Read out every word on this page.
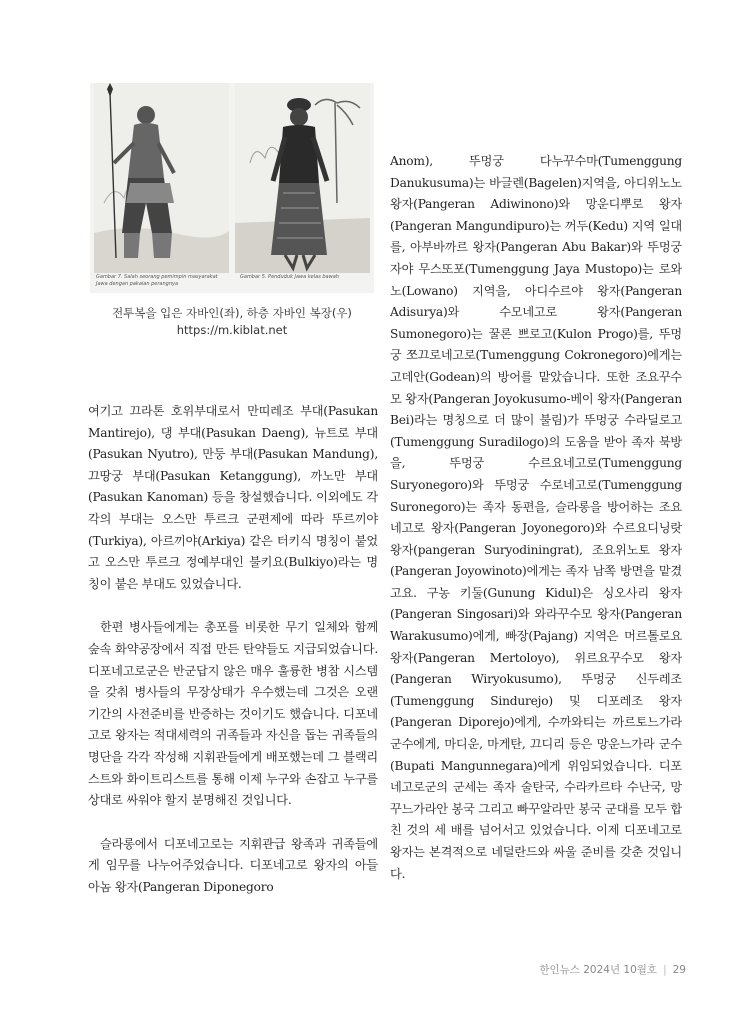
Gambar 7. Salah seorang pemimpin masyarakat Jawa dengan pakaian perangnya
Gambar 5. Penduduk Jawa kelas bawah
전투복을 입은 자바인(좌), 하층 자바인 복장(우)
https://m.kiblat.net

여기고 끄라톤 호위부대로서 만띠레조 부대(Pasukan Mantirejo), 댕 부대(Pasukan Daeng), 뉴트로 부대(Pasukan Nyutro), 만둥 부대(Pasukan Mandung), 끄땅궁 부대(Pasukan Ketanggung), 까노만 부대(Pasukan Kanoman) 등을 창설했습니다. 이외에도 각각의 부대는 오스만 투르크 군편제에 따라 뚜르끼야(Turkiya), 아르끼야(Arkiya) 같은 터키식 명칭이 붙었고 오스만 투르크 정예부대인 불키요(Bulkiyo)라는 명칭이 붙은 부대도 있었습니다.

한편 병사들에게는 총포를 비롯한 무기 일체와 함께 숲속 화약공장에서 직접 만든 탄약들도 지급되었습니다. 디포네고로군은 반군답지 않은 매우 훌륭한 병참 시스템을 갖춰 병사들의 무장상태가 우수했는데 그것은 오랜 기간의 사전준비를 반증하는 것이기도 했습니다. 디포네고로 왕자는 적대세력의 귀족들과 자신을 돕는 귀족들의 명단을 각각 작성해 지휘관들에게 배포했는데 그 블랙리스트와 화이트리스트를 통해 이제 누구와 손잡고 누구를 상대로 싸워야 할지 분명해진 것입니다.

슬라롱에서 디포네고로는 지휘관급 왕족과 귀족들에게 임무를 나누어주었습니다. 디포네고로 왕자의 아들 아놈 왕자(Pangeran Diponegoro

Anom), 뚜멍궁 다누꾸수마(Tumenggung Danukusuma)는 바글렌(Bagelen)지역을, 아디위노노 왕자(Pangeran Adiwinono)와 망운디뿌로 왕자(Pangeran Mangundipuro)는 꺼두(Kedu) 지역 일대를, 아부바까르 왕자(Pangeran Abu Bakar)와 뚜멍궁 자야 무스또포(Tumenggung Jaya Mustopo)는 로와노(Lowano) 지역을, 아디수르야 왕자(Pangeran Adisurya)와 수모네고로 왕자(Pangeran Sumonegoro)는 꿀론 쁘로고(Kulon Progo)를, 뚜멍궁 쪼끄로네고로(Tumenggung Cokronegoro)에게는 고데안(Godean)의 방어를 맡았습니다. 또한 조요꾸수모 왕자(Pangeran Joyokusumo-베이 왕자(Pangeran Bei)라는 명칭으로 더 많이 불림)가 뚜멍궁 수라딜로고(Tumenggung Suradilogo)의 도움을 받아 족자 북방을, 뚜멍궁 수르요네고로(Tumenggung Suryonegoro)와 뚜멍궁 수로네고로(Tumenggung Suronegoro)는 족자 동편을, 슬라롱을 방어하는 조요네고로 왕자(Pangeran Joyonegoro)와 수르요디닝랏 왕자(pangeran Suryodiningrat), 조요위노토 왕자(Pangeran Joyowinoto)에게는 족자 남쪽 방면을 맡겼고요. 구농 키둘(Gunung Kidul)은 싱오사리 왕자(Pangeran Singosari)와 와라꾸수모 왕자(Pangeran Warakusumo)에게, 빠장(Pajang) 지역은 머르톨로요 왕자(Pangeran Mertoloyo), 위르요꾸수모 왕자(Pangeran Wiryokusumo), 뚜멍궁 신두레조(Tumenggung Sindurejo) 및 디포레조 왕자(Pangeran Diporejo)에게, 수까와티는 까르토느가라 군수에게, 마디운, 마게탄, 끄디리 등은 망운느가라 군수(Bupati Mangunnegara)에게 위임되었습니다. 디포네고로군의 군세는 족자 술탄국, 수라카르타 수난국, 망꾸느가라안 봉국 그리고 빠꾸알라만 봉국 군대를 모두 합친 것의 세 배를 넘어서고 있었습니다. 이제 디포네고로 왕자는 본격적으로 네덜란드와 싸울 준비를 갖춘 것입니다.

한인뉴스 2024년 10월호 | 29
